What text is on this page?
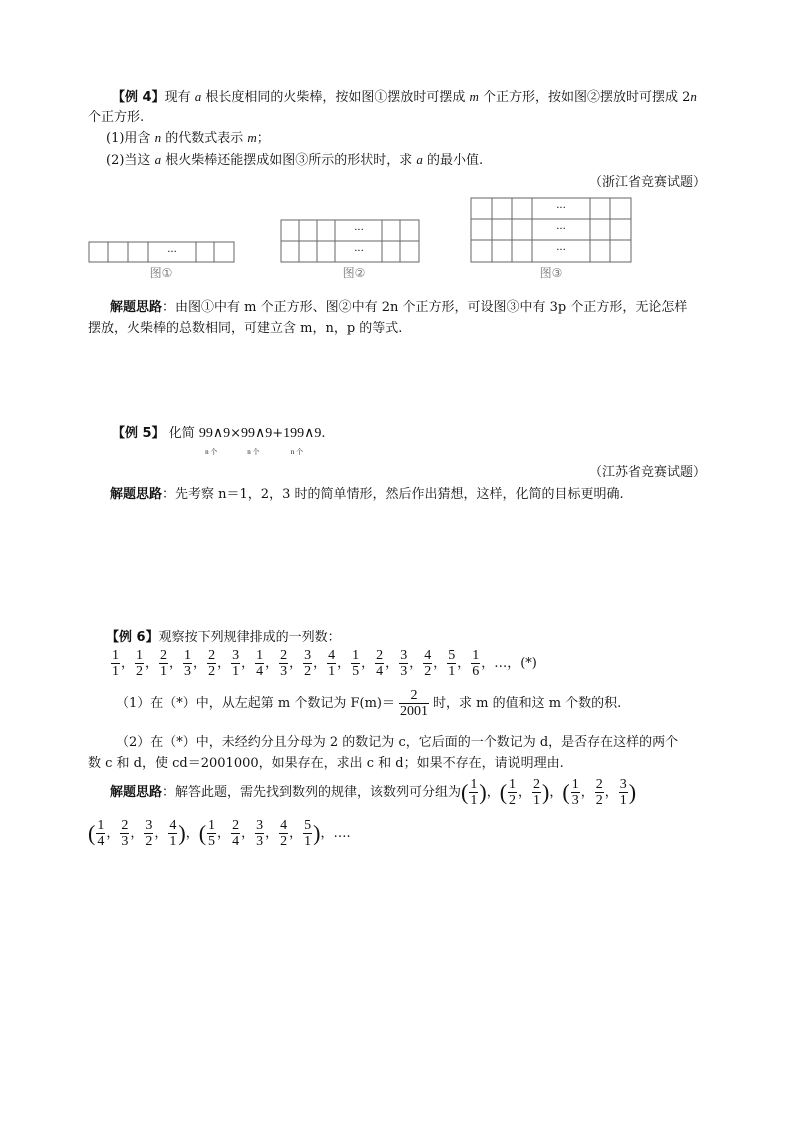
【例 4】现有 a 根长度相同的火柴棒，按如图①摆放时可摆成 m 个正方形，按如图②摆放时可摆成 2n
个正方形.
(1)用含 n 的代数式表示 m；
(2)当这 a 根火柴棒还能摆成如图③所示的形状时，求 a 的最小值.
（浙江省竞赛试题）
···
图①
···
···
图②
···
···
···
图③
解题思路：由图①中有 m 个正方形、图②中有 2n 个正方形，可设图③中有 3p 个正方形，无论怎样
摆放，火柴棒的总数相同，可建立含 m，n，p 的等式.
【例 5】 化简 99∧9
n 个
×99∧9
n 个
+199∧9
n 个
.
（江苏省竞赛试题）
解题思路：先考察 n＝1，2，3 时的简单情形，然后作出猜想，这样，化简的目标更明确.
【例 6】观察按下列规律排成的一列数：
$\frac{1}{1}$ ， $\frac{1}{2}$ ， $\frac{2}{1}$ ， $\frac{1}{3}$ ， $\frac{2}{2}$ ， $\frac{3}{1}$ ， $\frac{1}{4}$ ， $\frac{2}{3}$ ， $\frac{3}{2}$ ， $\frac{4}{1}$ ， $\frac{1}{5}$ ， $\frac{2}{4}$ ， $\frac{3}{3}$ ， $\frac{4}{2}$ ， $\frac{5}{1}$ ， $\frac{1}{6}$ ，…，(*)
（1）在（*）中，从左起第 m 个数记为 $F(m)= \frac{2}{2001}$ 时，求 m 的值和这 m 个数的积.
（2）在（*）中，未经约分且分母为 2 的数记为 c，它后面的一个数记为 d，是否存在这样的两个
数 c 和 d，使 cd＝2001000，如果存在，求出 c 和 d；如果不存在，请说明理由.
解题思路：解答此题，需先找到数列的规律，该数列可分组为( $\frac{1}{1}$ )，( $\frac{1}{2}$ ， $\frac{2}{1}$ )，( $\frac{1}{3}$ ， $\frac{2}{2}$ ， $\frac{3}{1}$ )
( $\frac{1}{4}$ ， $\frac{2}{3}$ ， $\frac{3}{2}$ ， $\frac{4}{1}$ )，( $\frac{1}{5}$ ， $\frac{2}{4}$ ， $\frac{3}{3}$ ， $\frac{4}{2}$ ， $\frac{5}{1}$ )，….
